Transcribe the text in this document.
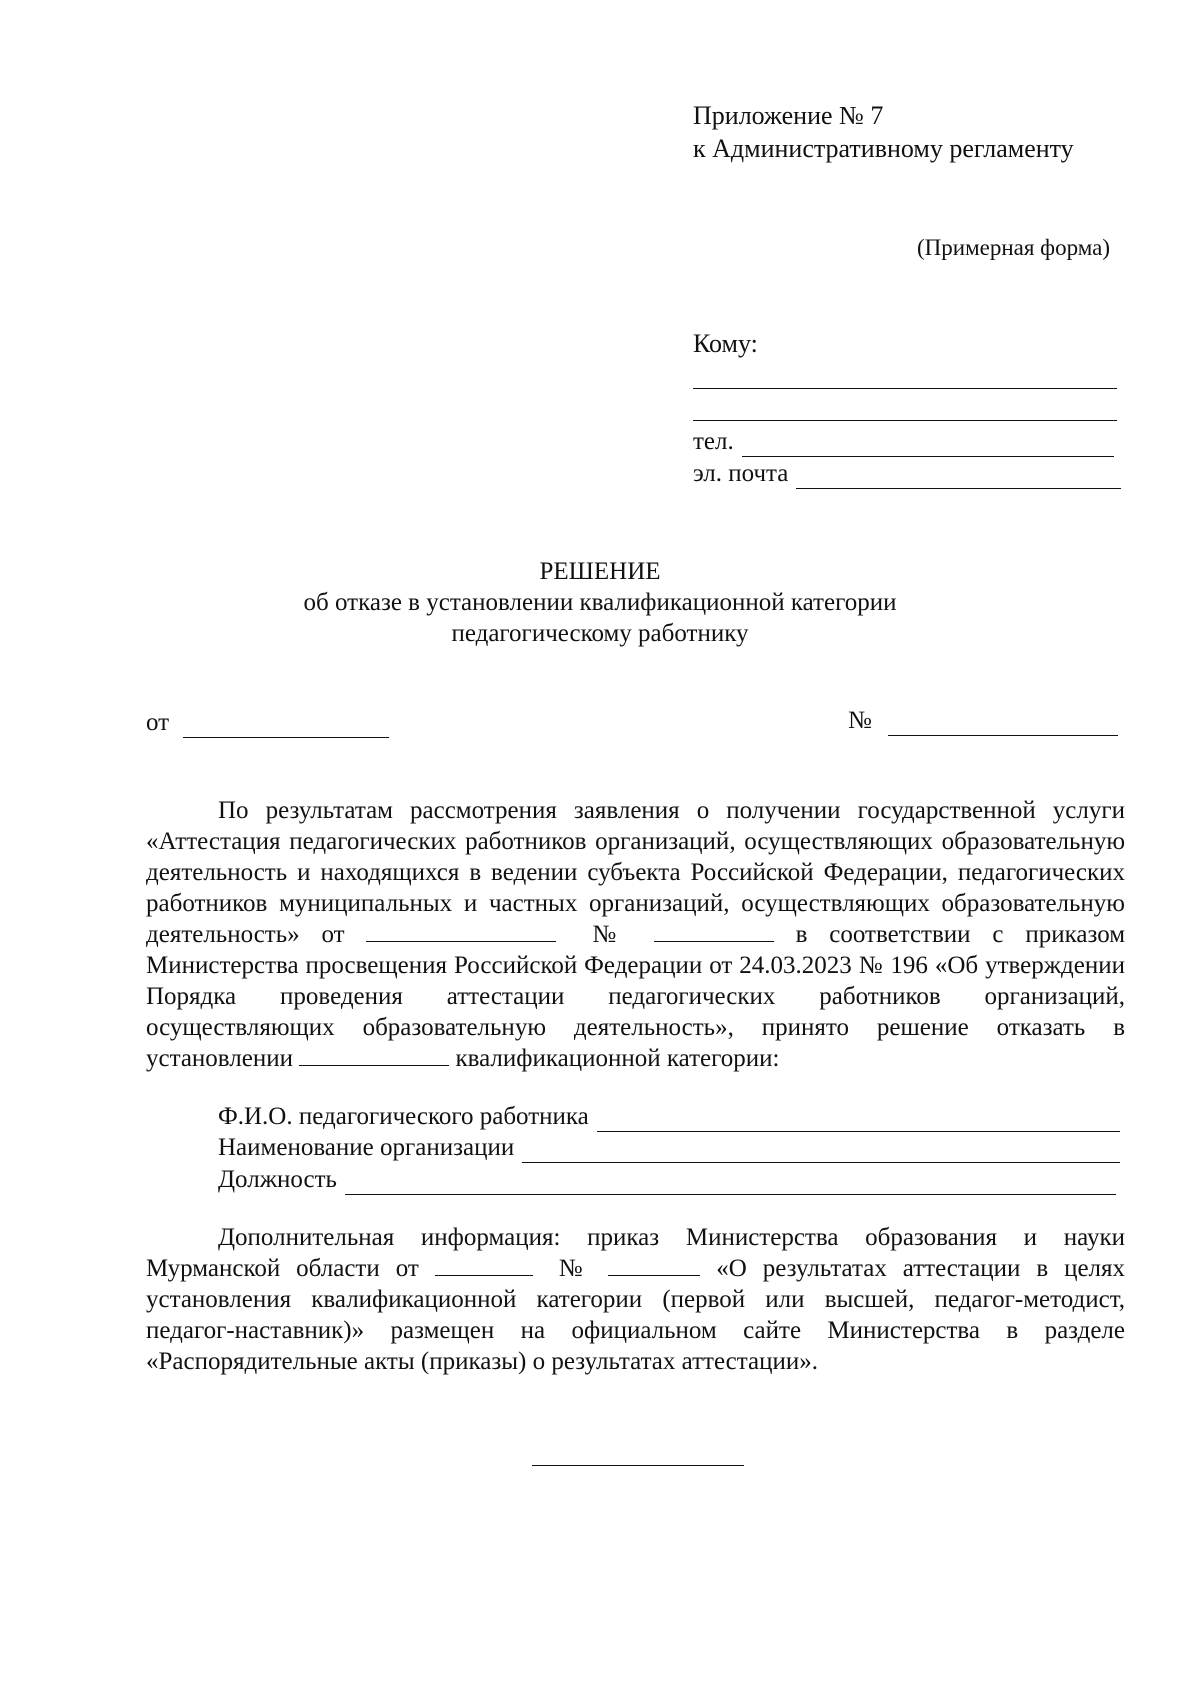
Приложение № 7
к Административному регламенту
(Примерная форма)
Кому:
тел.
эл. почта
РЕШЕНИЕ
об отказе в установлении квалификационной категории
педагогическому работнику
от	№
По результатам рассмотрения заявления о получении государственной услуги «Аттестация педагогических работников организаций, осуществляющих образовательную деятельность и находящихся в ведении субъекта Российской Федерации, педагогических работников муниципальных и частных организаций, осуществляющих образовательную деятельность» от	№	в соответствии с приказом Министерства просвещения Российской Федерации от 24.03.2023 № 196 «Об утверждении Порядка проведения аттестации педагогических работников организаций, осуществляющих образовательную деятельность», принято решение отказать в установлении	квалификационной категории:
Ф.И.О. педагогического работника
Наименование организации
Должность
Дополнительная информация: приказ Министерства образования и науки Мурманской области от	№	«О результатах аттестации в целях установления квалификационной категории (первой или высшей, педагог-методист, педагог-наставник)» размещен на официальном сайте Министерства в разделе «Распорядительные акты (приказы) о результатах аттестации».
